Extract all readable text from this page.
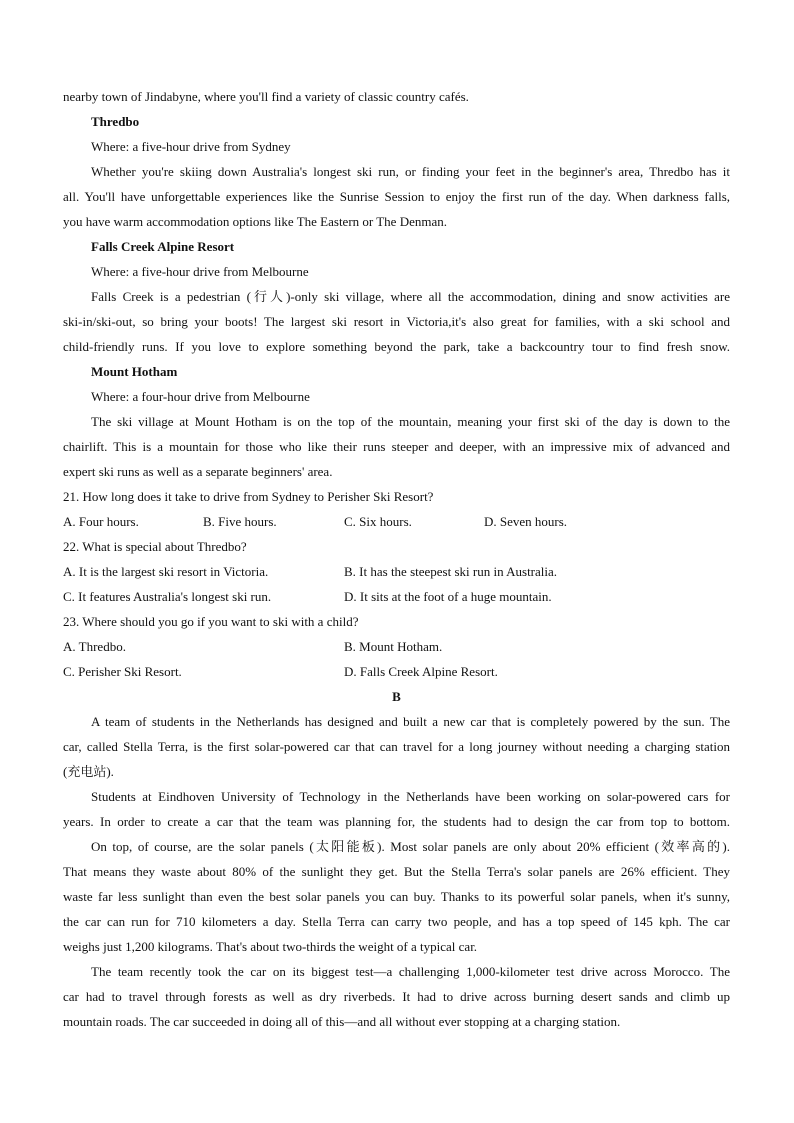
nearby town of Jindabyne, where you'll find a variety of classic country cafés.
Thredbo
Where: a five-hour drive from Sydney
Whether you're skiing down Australia's longest ski run, or finding your feet in the beginner's area, Thredbo has it
all. You'll have unforgettable experiences like the Sunrise Session to enjoy the first run of the day. When darkness falls,
you have warm accommodation options like The Eastern or The Denman.
Falls Creek Alpine Resort
Where: a five-hour drive from Melbourne
Falls Creek is a pedestrian (行人)-only ski village, where all the accommodation, dining and snow activities are
ski-in/ski-out, so bring your boots! The largest ski resort in Victoria,it's also great for families, with a ski school and
child-friendly runs. If you love to explore something beyond the park, take a backcountry tour to find fresh snow.
Mount Hotham
Where: a four-hour drive from Melbourne
The ski village at Mount Hotham is on the top of the mountain, meaning your first ski of the day is down to the
chairlift. This is a mountain for those who like their runs steeper and deeper, with an impressive mix of advanced and
expert ski runs as well as a separate beginners' area.
21. How long does it take to drive from Sydney to Perisher Ski Resort?
A. Four hours.	B. Five hours.	C. Six hours.	D. Seven hours.
22. What is special about Thredbo?
A. It is the largest ski resort in Victoria.	B. It has the steepest ski run in Australia.
C. It features Australia's longest ski run.	D. It sits at the foot of a huge mountain.
23. Where should you go if you want to ski with a child?
A. Thredbo.	B. Mount Hotham.
C. Perisher Ski Resort.	D. Falls Creek Alpine Resort.
B
A team of students in the Netherlands has designed and built a new car that is completely powered by the sun. The
car, called Stella Terra, is the first solar-powered car that can travel for a long journey without needing a charging station
(充电站).
Students at Eindhoven University of Technology in the Netherlands have been working on solar-powered cars for
years. In order to create a car that the team was planning for, the students had to design the car from top to bottom.
On top, of course, are the solar panels (太阳能板). Most solar panels are only about 20% efficient (效率高的).
That means they waste about 80% of the sunlight they get. But the Stella Terra's solar panels are 26% efficient. They
waste far less sunlight than even the best solar panels you can buy. Thanks to its powerful solar panels, when it's sunny,
the car can run for 710 kilometers a day. Stella Terra can carry two people, and has a top speed of 145 kph. The car
weighs just 1,200 kilograms. That's about two-thirds the weight of a typical car.
The team recently took the car on its biggest test—a challenging 1,000-kilometer test drive across Morocco. The
car had to travel through forests as well as dry riverbeds. It had to drive across burning desert sands and climb up
mountain roads. The car succeeded in doing all of this—and all without ever stopping at a charging station.
